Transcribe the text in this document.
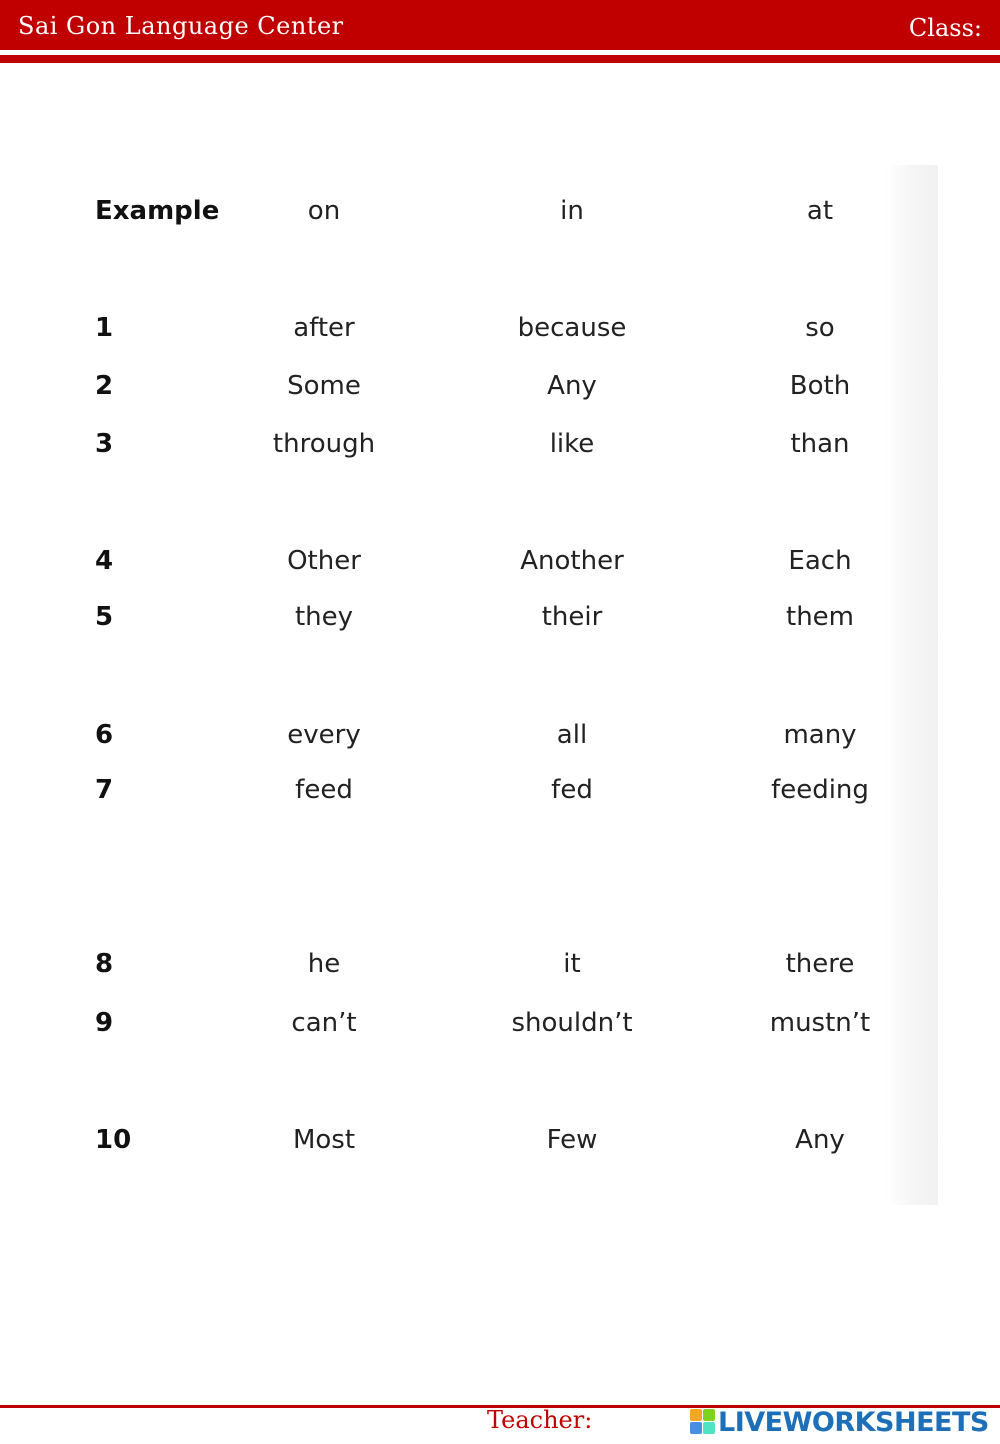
Sai Gon Language Center	Class:
Example	on	in	at
1	after	because	so
2	Some	Any	Both
3	through	like	than
4	Other	Another	Each
5	they	their	them
6	every	all	many
7	feed	fed	feeding
8	he	it	there
9	can’t	shouldn’t	mustn’t
10	Most	Few	Any
Teacher:	LIVEWORKSHEETS
